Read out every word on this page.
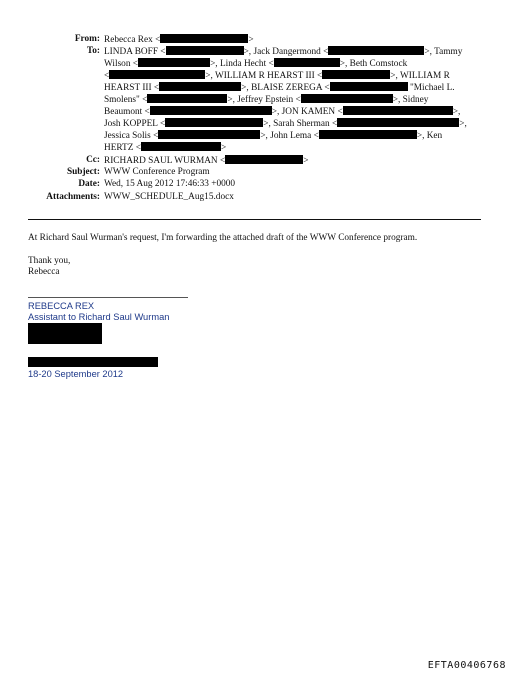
From: Rebecca Rex <	>
To: LINDA BOFF <	>, Jack Dangermond <	>, Tammy
Wilson <	>, Linda Hecht <	>, Beth Comstock
<	>, WILLIAM R HEARST III <	>, WILLIAM R
HEARST III <	>, BLAISE ZEREGA <	"Michael L.
Smolens" <	>, Jeffrey Epstein <	>, Sidney
Beaumont <	>, JON KAMEN <	>,
Josh KOPPEL <	>, Sarah Sherman <	>,
Jessica Solis <	>, John Lema <	>, Ken
HERTZ <	>
Cc: RICHARD SAUL WURMAN <	>
Subject: WWW Conference Program
Date: Wed, 15 Aug 2012 17:46:33 +0000
Attachments: WWW_SCHEDULE_Aug15.docx
At Richard Saul Wurman's request, I'm forwarding the attached draft of the WWW Conference program.
Thank you,
Rebecca
REBECCA REX
Assistant to Richard Saul Wurman
18-20 September 2012
EFTA00406768
